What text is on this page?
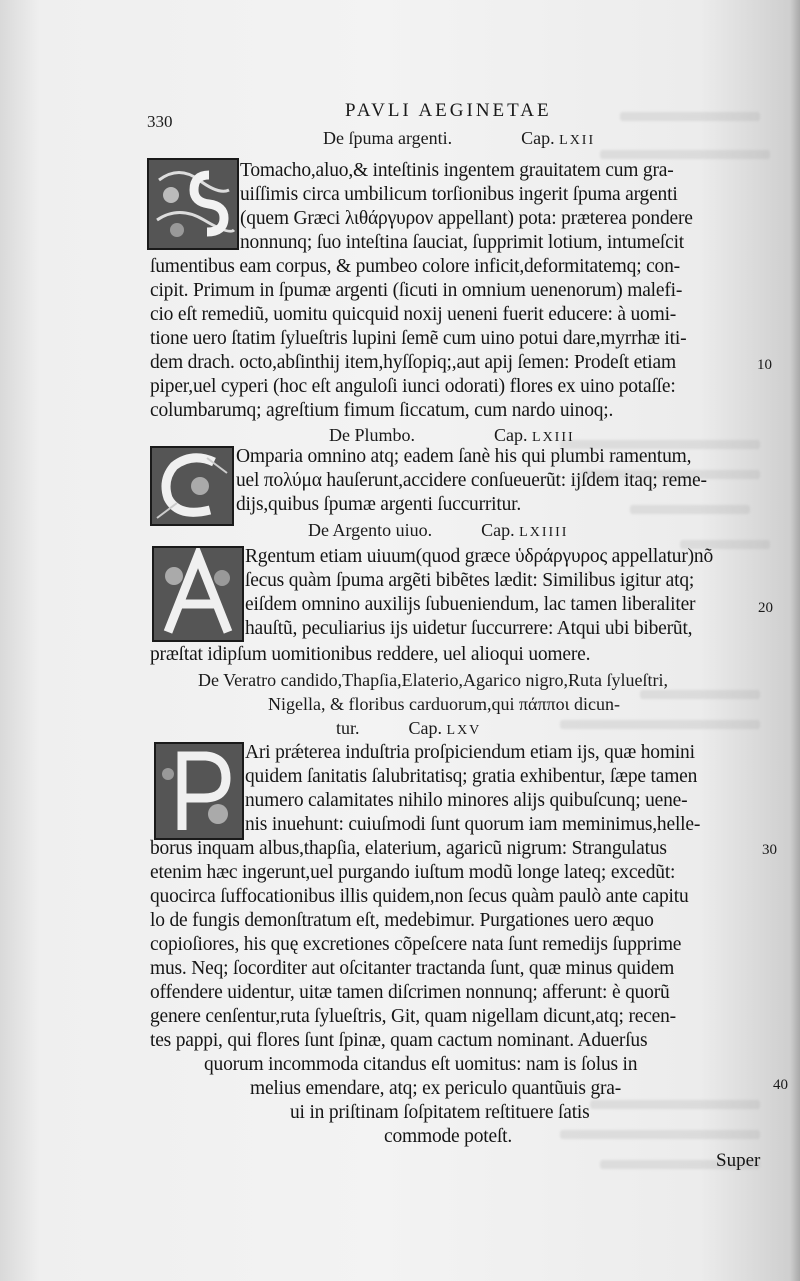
330
PAVLI AEGINETAE
De ſpuma argenti.	Cap. LXII
Tomacho,aluo,& inteſtinis ingentem grauitatem cum gra-
uiſſimis circa umbilicum torſionibus ingerit ſpuma argenti
(quem Græci λιθάργυρον appellant) pota: præterea pondere
nonnunq; ſuo inteſtina ſauciat, ſupprimit lotium, intumeſcit
ſumentibus eam corpus, & pumbeo colore inficit,deformitatemq; con-
cipit. Primum in ſpumæ argenti (ſicuti in omnium uenenorum) malefi-
cio eſt remediũ, uomitu quicquid noxij ueneni fuerit educere: à uomi-
tione uero ſtatim ſylueſtris lupini ſemẽ cum uino potui dare,myrrhæ iti-
dem drach. octo,abſinthij item,hyſſopiq;,aut apij ſemen: Prodeſt etiam
piper,uel cyperi (hoc eſt anguloſi iunci odorati) flores ex uino potaſſe:
columbarumq; agreſtium fimum ſiccatum, cum nardo uinoq;.
10
De Plumbo.	Cap. LXIII
Omparia omnino atq; eadem ſanè his qui plumbi ramentum,
uel πολύμα hauſerunt,accidere conſueuerũt: ijſdem itaq; reme-
dijs,quibus ſpumæ argenti ſuccurritur.
De Argento uiuo.	Cap. LXIIII
Rgentum etiam uiuum(quod græce ὑδράργυρος appellatur)nõ
ſecus quàm ſpuma argẽti bibẽtes lædit: Similibus igitur atq;
eiſdem omnino auxilijs ſubueniendum, lac tamen liberaliter
hauſtũ, peculiarius ijs uidetur ſuccurrere: Atqui ubi biberũt,
præſtat idipſum uomitionibus reddere, uel alioqui uomere.
20
De Veratro candido,Thapſia,Elaterio,Agarico nigro,Ruta ſylueſtri,
Nigella, & floribus carduorum,qui πάπποι dicun-
tur.	Cap. LXV
Ari prǽterea induſtria proſpiciendum etiam ijs, quæ homini
quidem ſanitatis ſalubritatisq; gratia exhibentur, ſæpe tamen
numero calamitates nihilo minores alijs quibuſcunq; uene-
nis inuehunt: cuiuſmodi ſunt quorum iam meminimus,helle-
borus inquam albus,thapſia, elaterium, agaricũ nigrum: Strangulatus
etenim hæc ingerunt,uel purgando iuſtum modũ longe lateq; excedũt:
quocirca ſuffocationibus illis quidem,non ſecus quàm paulò ante capitu
lo de fungis demonſtratum eſt, medebimur. Purgationes uero æquo
copioſiores, his quę excretiones cõpeſcere nata ſunt remedijs ſupprime
mus. Neq; ſocorditer aut oſcitanter tractanda ſunt, quæ minus quidem
offendere uidentur, uitæ tamen diſcrimen nonnunq; afferunt: è quorũ
genere cenſentur,ruta ſylueſtris, Git, quam nigellam dicunt,atq; recen-
tes pappi, qui flores ſunt ſpinæ, quam cactum nominant. Aduerſus
quorum incommoda citandus eſt uomitus: nam is ſolus in
melius emendare, atq; ex periculo quantũuis gra-
ui in priſtinam ſoſpitatem reſtituere ſatis
commode poteſt.
30
40
Super
